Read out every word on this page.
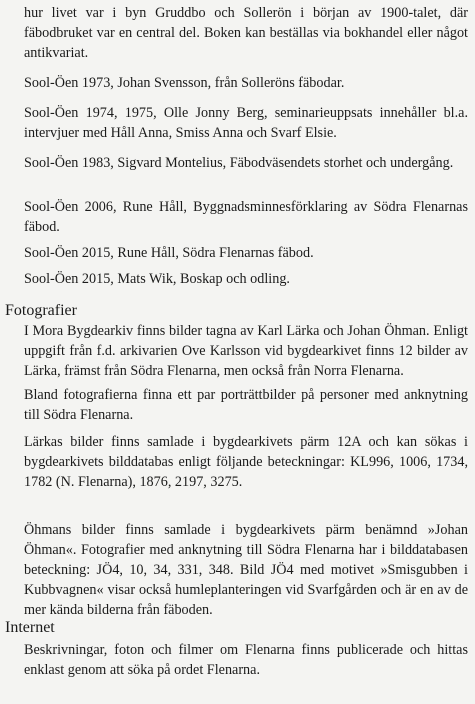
hur livet var i byn Gruddbo och Sollerön i början av 1900-talet, där fäbodbruket var en central del. Boken kan beställas via bokhandel eller något antikvariat.

Sool-Öen 1973, Johan Svensson, från Solleröns fäbodar.

Sool-Öen 1974, 1975, Olle Jonny Berg, seminarieuppsats innehåller bl.a. intervjuer med Håll Anna, Smiss Anna och Svarf Elsie.

Sool-Öen 1983, Sigvard Montelius, Fäbodväsendets storhet och undergång.

Sool-Öen 2006, Rune Håll, Byggnadsminnesförklaring av Södra Flenarnas fäbod.

Sool-Öen 2015, Rune Håll, Södra Flenarnas fäbod.

Sool-Öen 2015, Mats Wik, Boskap och odling.

Fotografier

I Mora Bygdearkiv finns bilder tagna av Karl Lärka och Johan Öhman. Enligt uppgift från f.d. arkivarien Ove Karlsson vid bygdearkivet finns 12 bilder av Lärka, främst från Södra Flenarna, men också från Norra Flenarna.

Bland fotografierna finna ett par porträttbilder på personer med anknytning till Södra Flenarna.

Lärkas bilder finns samlade i bygdearkivets pärm 12A och kan sökas i bygdearkivets bilddatabas enligt följande beteckningar: KL996, 1006, 1734, 1782 (N. Flenarna), 1876, 2197, 3275.

Öhmans bilder finns samlade i bygdearkivets pärm benämnd »Johan Öhman«. Fotografier med anknytning till Södra Flenarna har i bilddatabasen beteckning: JÖ4, 10, 34, 331, 348. Bild JÖ4 med motivet »Smisgubben i Kubbvagnen« visar också humleplanteringen vid Svarfgården och är en av de mer kända bilderna från fäboden.

Internet

Beskrivningar, foton och filmer om Flenarna finns publicerade och hittas enklast genom att söka på ordet Flenarna.
